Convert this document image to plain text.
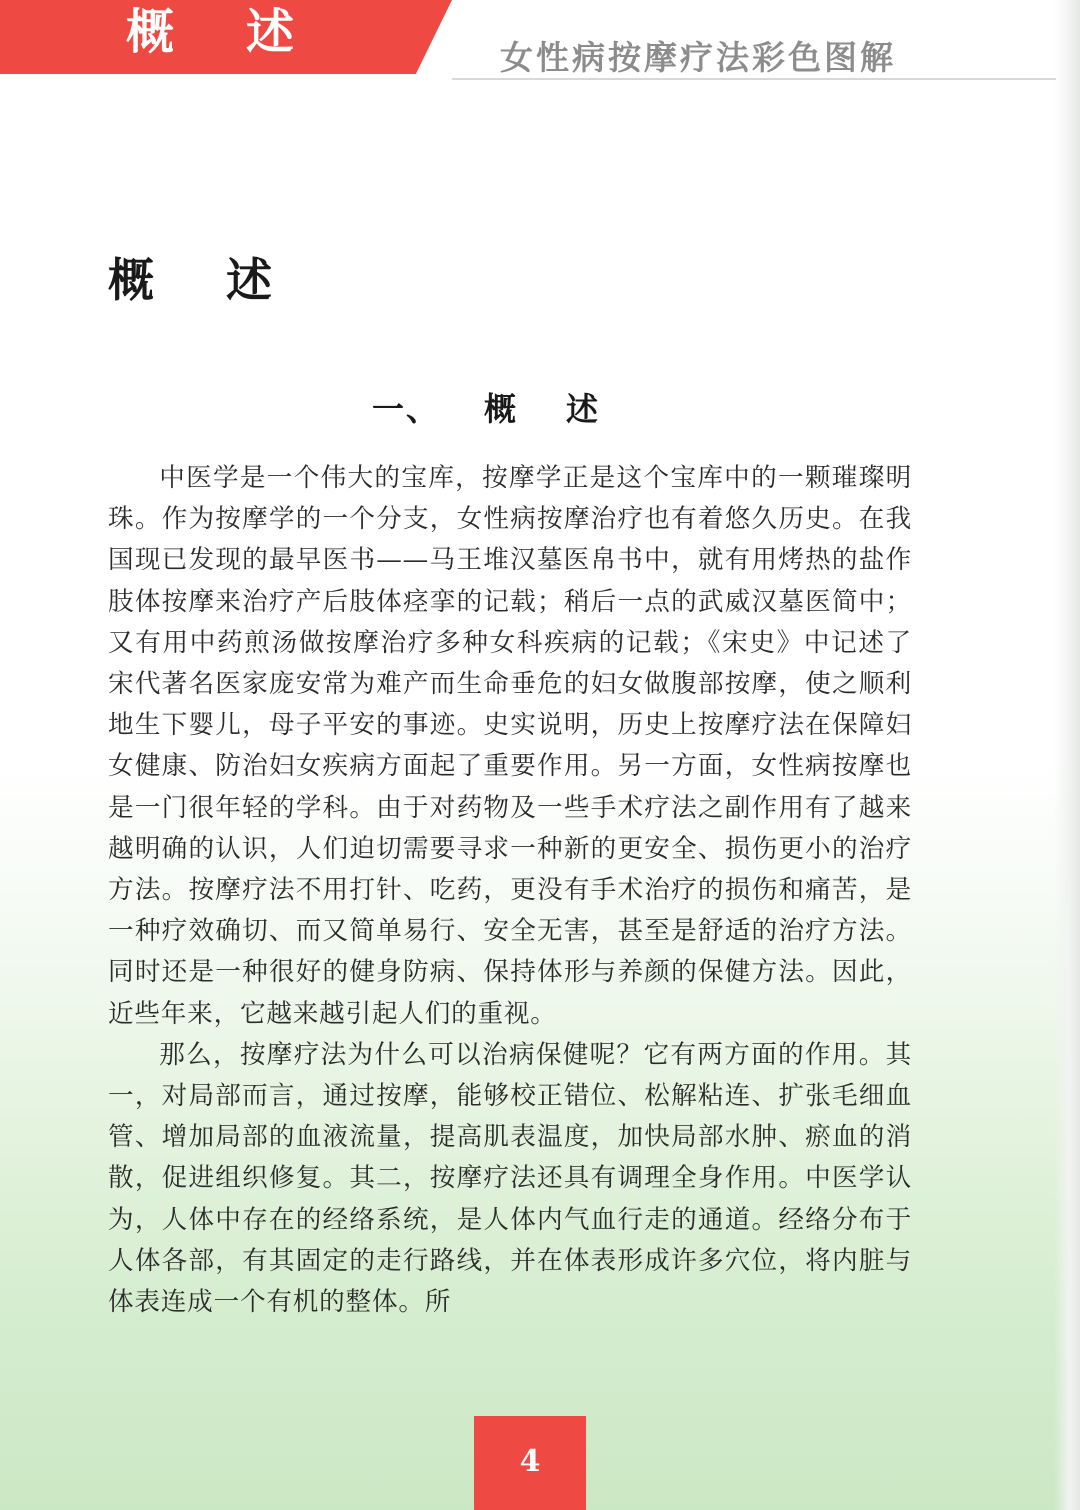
概述	女性病按摩疗法彩色图解
概述
一、 概述

中医学是一个伟大的宝库，按摩学正是这个宝库中的一颗璀璨明珠。作为按摩学的一个分支，女性病按摩治疗也有着悠久历史。在我国现已发现的最早医书——马王堆汉墓医帛书中，就有用烤热的盐作肢体按摩来治疗产后肢体痉挛的记载；稍后一点的武威汉墓医简中；又有用中药煎汤做按摩治疗多种女科疾病的记载；《宋史》中记述了宋代著名医家庞安常为难产而生命垂危的妇女做腹部按摩，使之顺利地生下婴儿，母子平安的事迹。史实说明，历史上按摩疗法在保障妇女健康、防治妇女疾病方面起了重要作用。另一方面，女性病按摩也是一门很年轻的学科。由于对药物及一些手术疗法之副作用有了越来越明确的认识，人们迫切需要寻求一种新的更安全、损伤更小的治疗方法。按摩疗法不用打针、吃药，更没有手术治疗的损伤和痛苦，是一种疗效确切、而又简单易行、安全无害，甚至是舒适的治疗方法。同时还是一种很好的健身防病、保持体形与养颜的保健方法。因此，近些年来，它越来越引起人们的重视。

那么，按摩疗法为什么可以治病保健呢？它有两方面的作用。其一，对局部而言，通过按摩，能够校正错位、松解粘连、扩张毛细血管、增加局部的血液流量，提高肌表温度，加快局部水肿、瘀血的消散，促进组织修复。其二，按摩疗法还具有调理全身作用。中医学认为，人体中存在的经络系统，是人体内气血行走的通道。经络分布于人体各部，有其固定的走行路线，并在体表形成许多穴位，将内脏与体表连成一个有机的整体。所

4
